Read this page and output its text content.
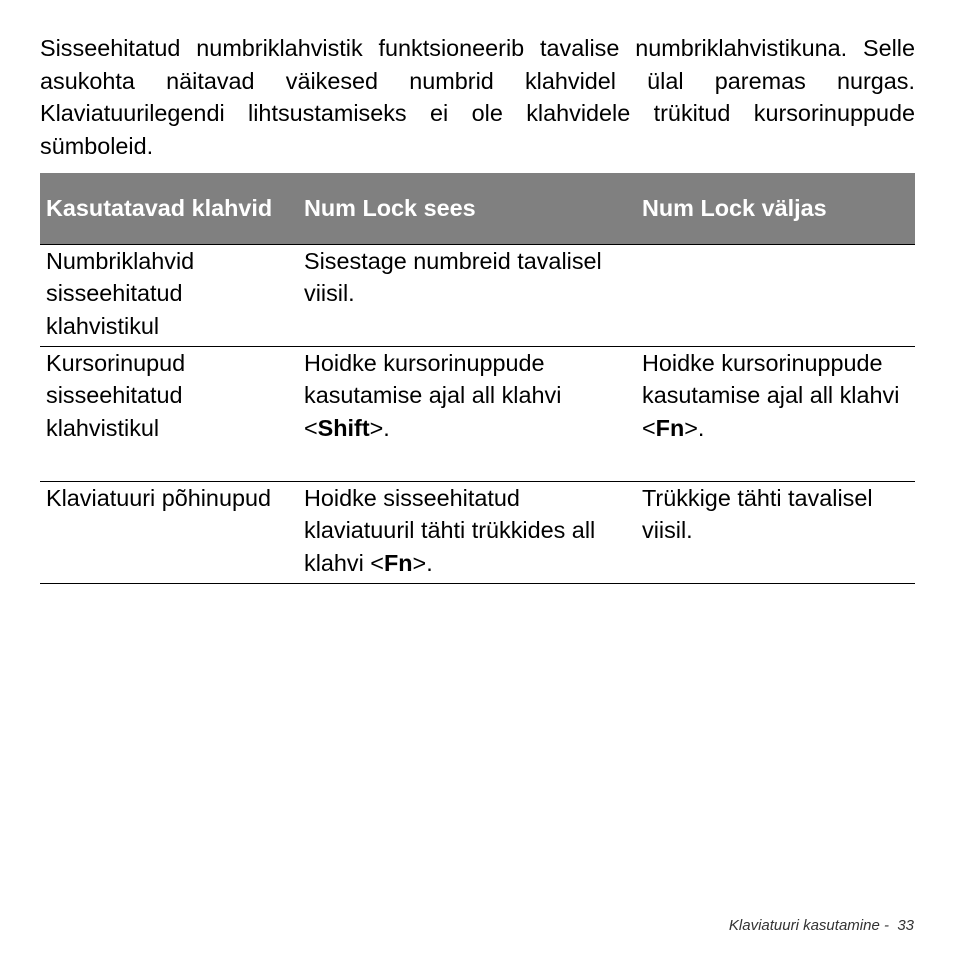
Sisseehitatud numbriklahvistik funktsioneerib tavalise numbriklahvistikuna. Selle asukohta näitavad väikesed numbrid klahvidel ülal paremas nurgas. Klaviatuurilegendi lihtsustamiseks ei ole klahvidele trükitud kursorinuppude sümboleid.

Kasutatavad klahvid	Num Lock sees	Num Lock väljas
Numbriklahvid sisseehitatud klahvistikul	Sisestage numbreid tavalisel viisil.	
Kursorinupud sisseehitatud klahvistikul	Hoidke kursorinuppude kasutamise ajal all klahvi <Shift>.	Hoidke kursorinuppude kasutamise ajal all klahvi <Fn>.
Klaviatuuri põhinupud	Hoidke sisseehitatud klaviatuuril tähti trükkides all klahvi <Fn>.	Trükkige tähti tavalisel viisil.
Klaviatuuri kasutamine - 33
